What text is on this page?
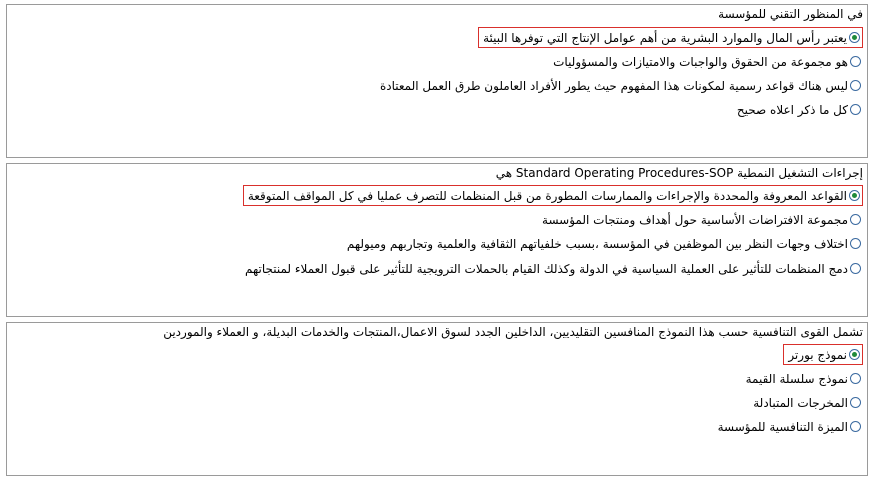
في المنظور التقني للمؤسسة
يعتبر رأس المال والموارد البشرية من أهم عوامل الإنتاج التي توفرها البيئة
هو مجموعة من الحقوق والواجبات والامتيازات والمسؤوليات
ليس هناك قواعد رسمية لمكونات هذا المفهوم حيث يطور الأفراد العاملون طرق العمل المعتادة
كل ما ذكر اعلاه صحيح
إجراءات التشغيل النمطية Standard Operating Procedures-SOP هي
القواعد المعروفة والمحددة والإجراءات والممارسات المطورة من قبل المنظمات للتصرف عمليا في كل المواقف المتوقعة
مجموعة الافتراضات الأساسية حول أهداف ومنتجات المؤسسة
اختلاف وجهات النظر بين الموظفين في المؤسسة ،بسبب خلفياتهم الثقافية والعلمية وتجاربهم وميولهم
دمج المنظمات للتأثير على العملية السياسية في الدولة وكذلك القيام بالحملات الترويجية للتأثير على قبول العملاء لمنتجاتهم
تشمل القوى التنافسية حسب هذا النموذج المنافسين التقليديين، الداخلين الجدد لسوق الاعمال،المنتجات والخدمات البديلة، و العملاء والموردين
نموذج بورتر
نموذج سلسلة القيمة
المخرجات المتبادلة
الميزة التنافسية للمؤسسة
